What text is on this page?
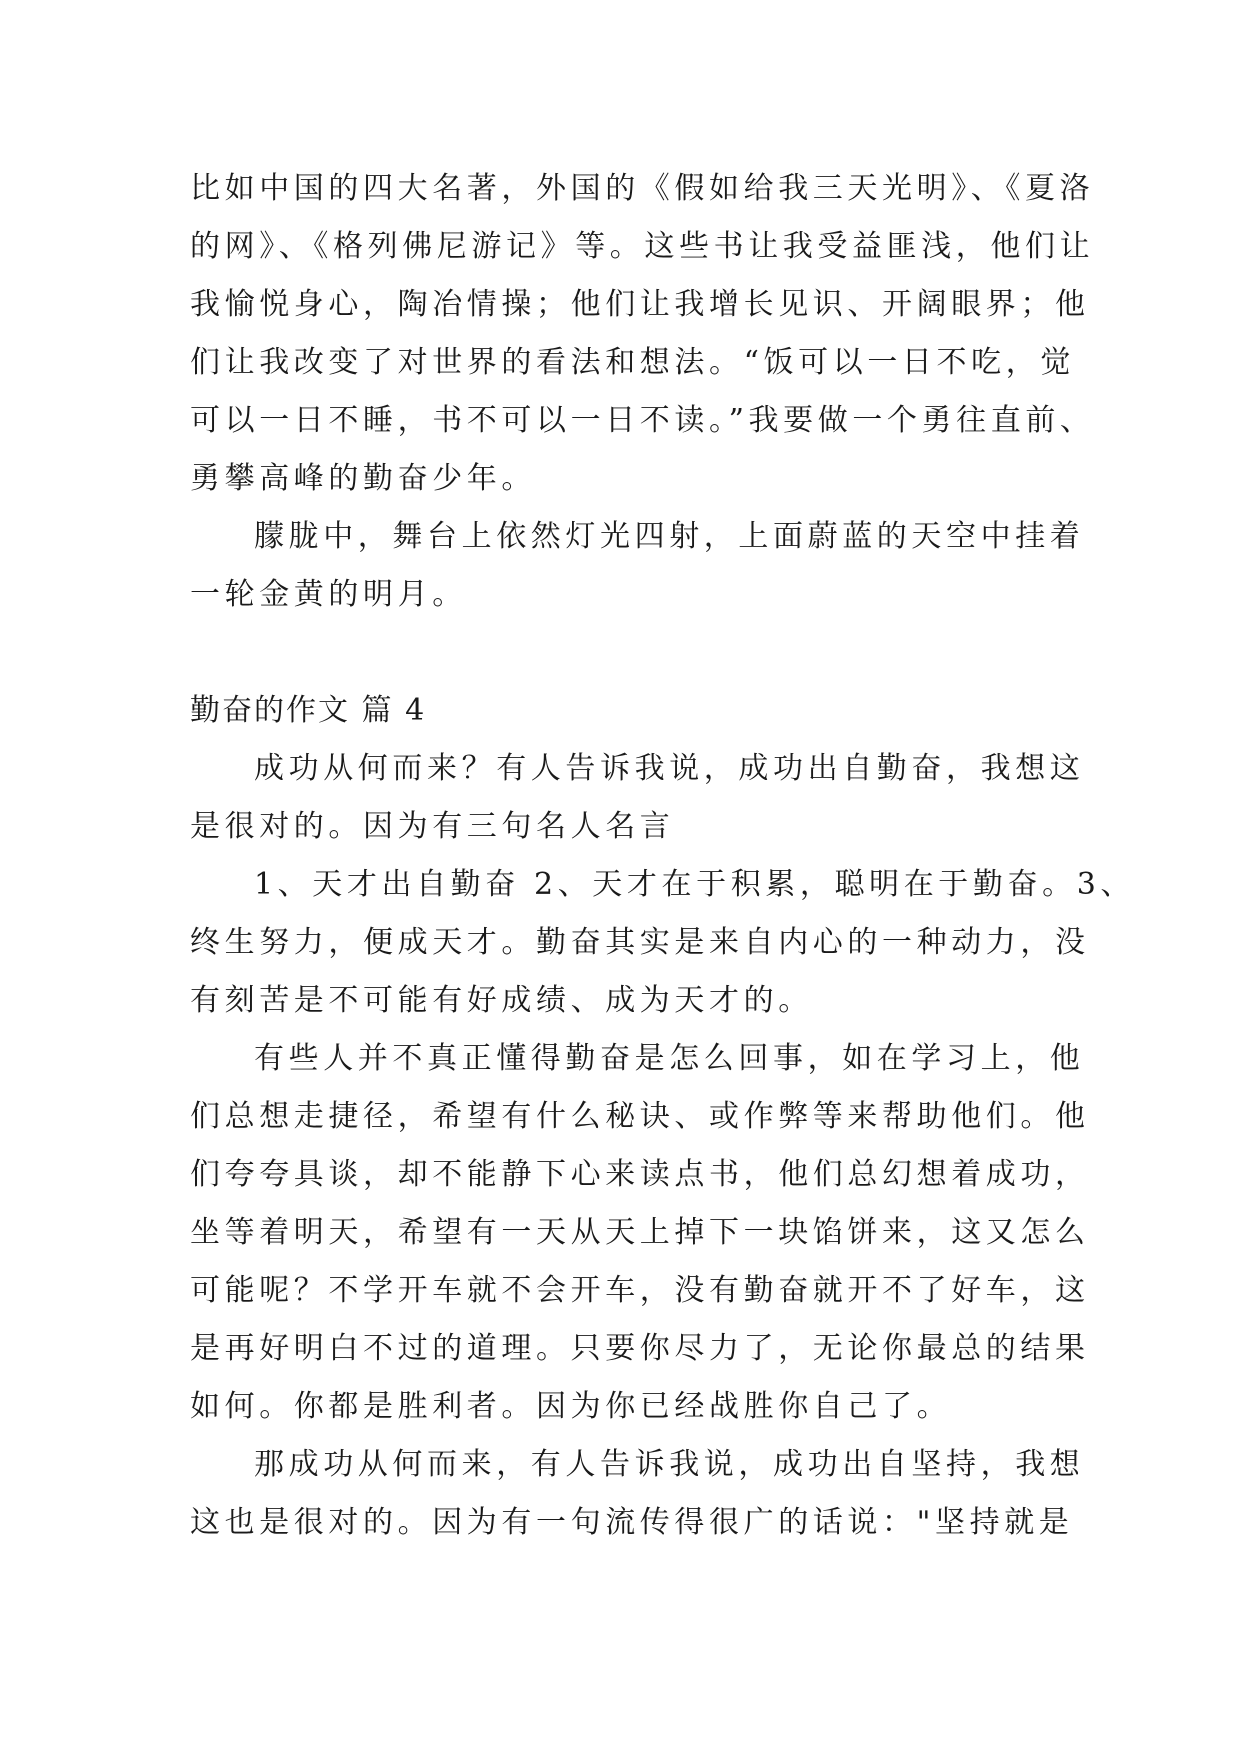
比如中国的四大名著，外国的《假如给我三天光明》、《夏洛
的网》、《格列佛尼游记》等。这些书让我受益匪浅，他们让
我愉悦身心，陶冶情操；他们让我增长见识、开阔眼界；他
们让我改变了对世界的看法和想法。“饭可以一日不吃，觉
可以一日不睡，书不可以一日不读。”我要做一个勇往直前、
勇攀高峰的勤奋少年。
朦胧中，舞台上依然灯光四射，上面蔚蓝的天空中挂着
一轮金黄的明月。
勤奋的作文 篇 4
成功从何而来？有人告诉我说，成功出自勤奋，我想这
是很对的。因为有三句名人名言
1、天才出自勤奋 2、天才在于积累，聪明在于勤奋。3、
终生努力，便成天才。勤奋其实是来自内心的一种动力，没
有刻苦是不可能有好成绩、成为天才的。
有些人并不真正懂得勤奋是怎么回事，如在学习上，他
们总想走捷径，希望有什么秘诀、或作弊等来帮助他们。他
们夸夸具谈，却不能静下心来读点书，他们总幻想着成功，
坐等着明天，希望有一天从天上掉下一块馅饼来，这又怎么
可能呢？不学开车就不会开车，没有勤奋就开不了好车，这
是再好明白不过的道理。只要你尽力了，无论你最总的结果
如何。你都是胜利者。因为你已经战胜你自己了。
那成功从何而来，有人告诉我说，成功出自坚持，我想
这也是很对的。因为有一句流传得很广的话说："坚持就是
